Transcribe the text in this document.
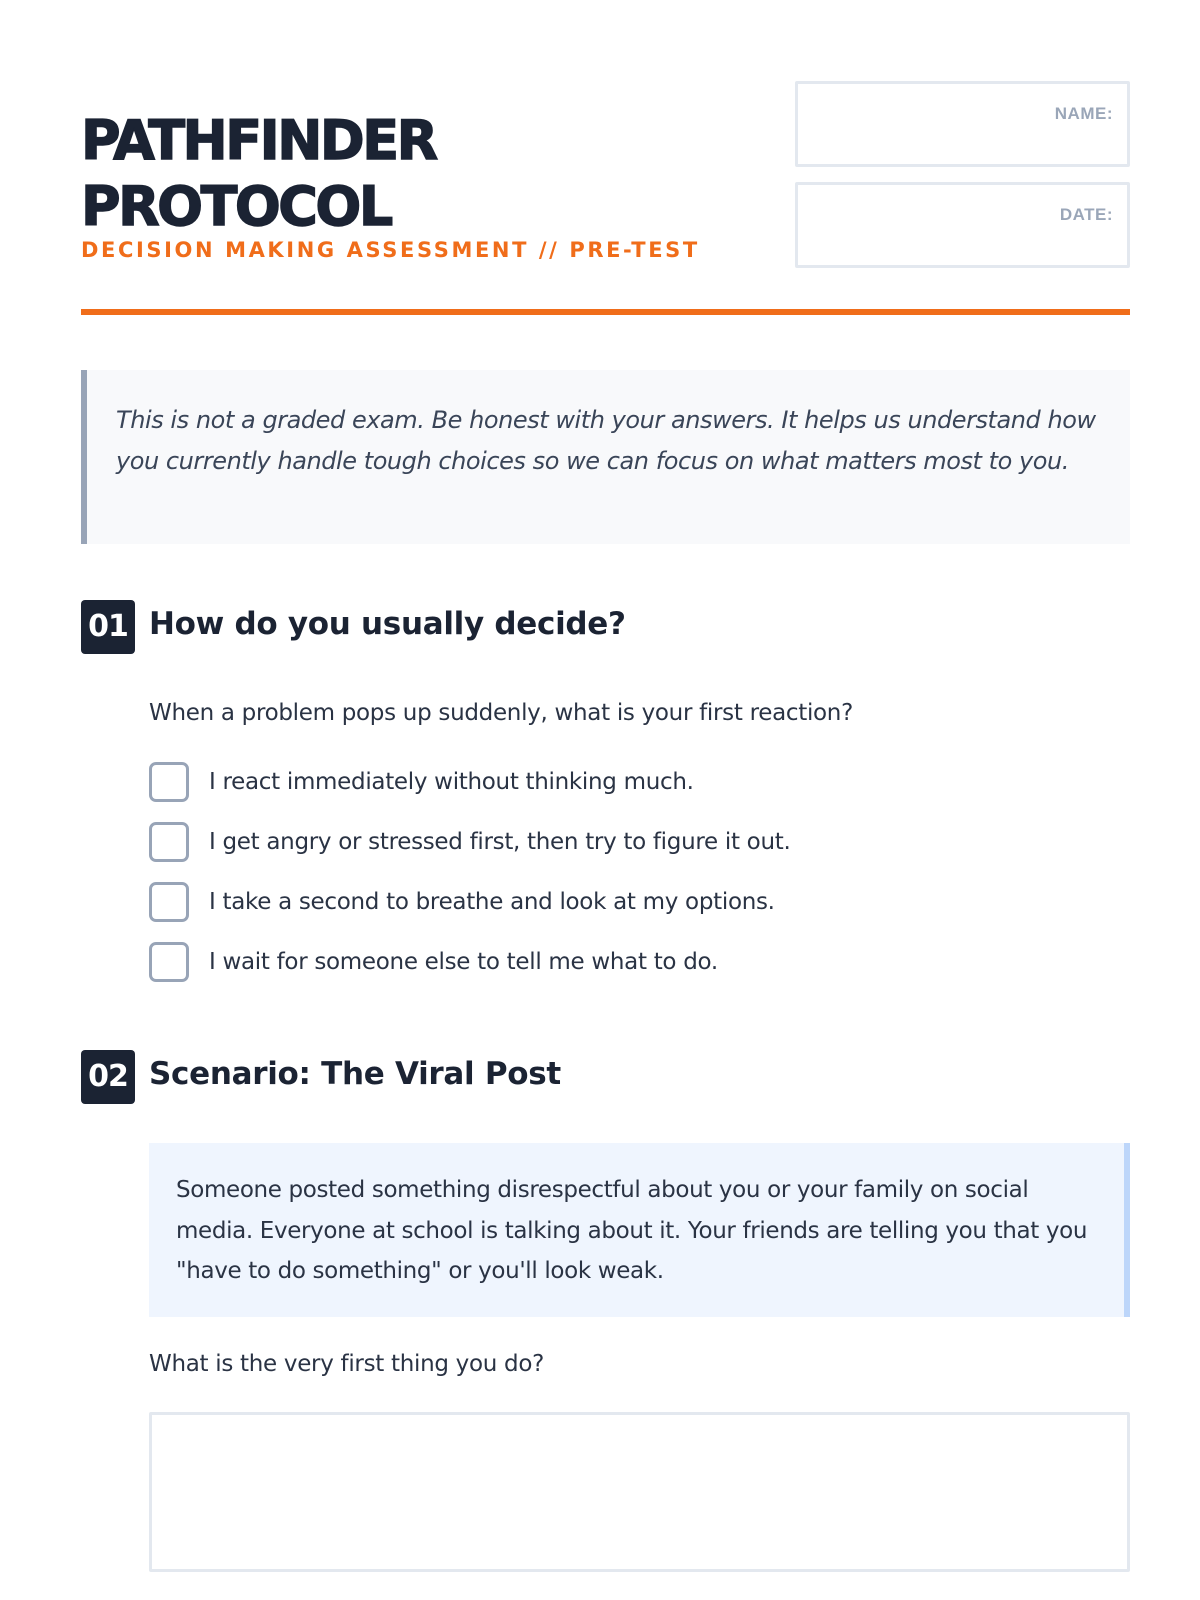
PATHFINDER
PROTOCOL
DECISION MAKING ASSESSMENT // PRE-TEST
NAME:
DATE:

This is not a graded exam. Be honest with your answers. It helps us understand how you currently handle tough choices so we can focus on what matters most to you.

01 How do you usually decide?
When a problem pops up suddenly, what is your first reaction?
I react immediately without thinking much.
I get angry or stressed first, then try to figure it out.
I take a second to breathe and look at my options.
I wait for someone else to tell me what to do.
02 Scenario: The Viral Post

Someone posted something disrespectful about you or your family on social media. Everyone at school is talking about it. Your friends are telling you that you "have to do something" or you'll look weak.

What is the very first thing you do?
